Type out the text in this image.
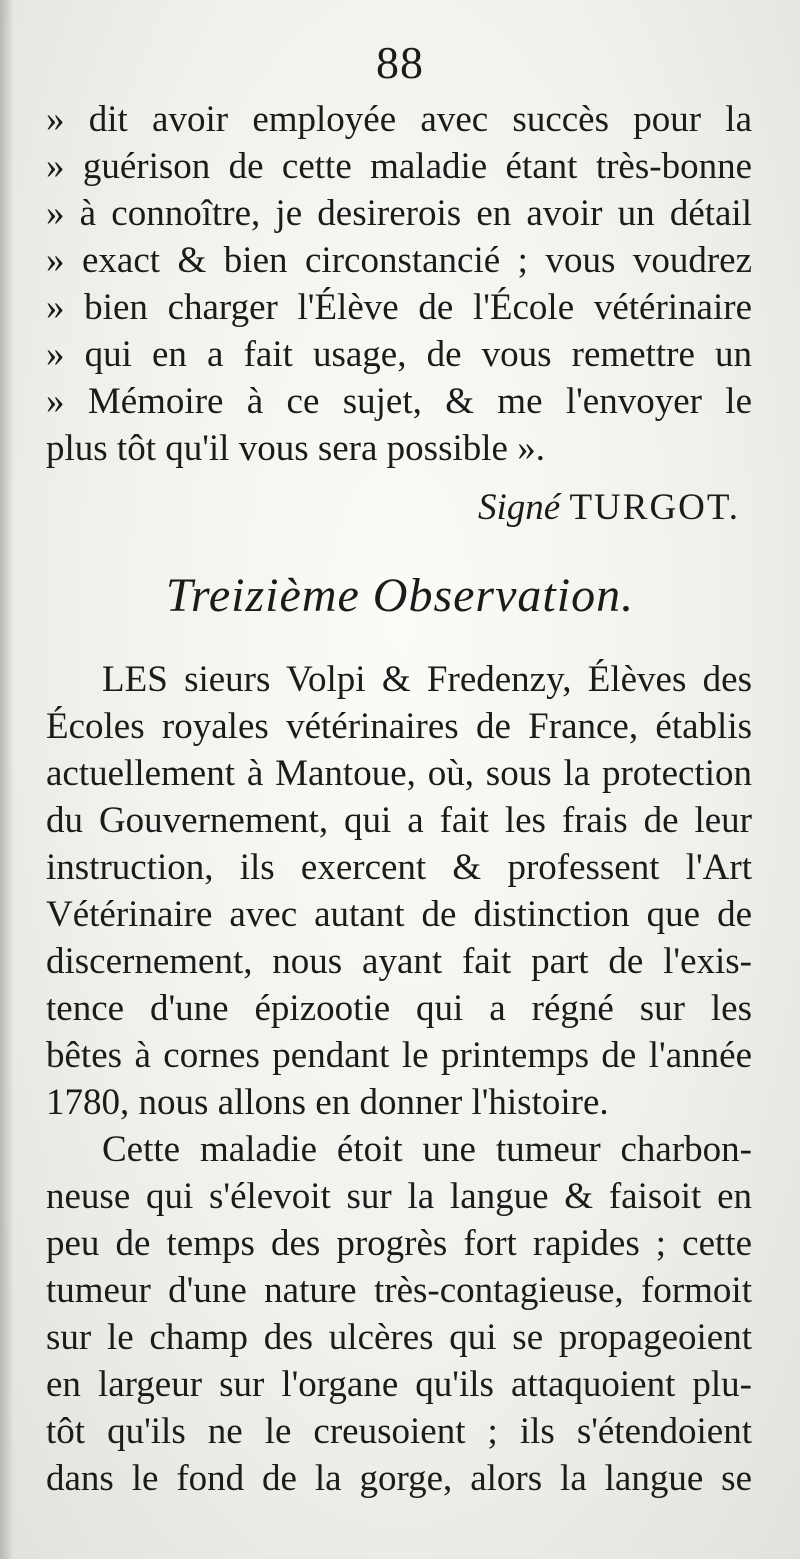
88
» dit avoir employée avec succès pour la
» guérison de cette maladie étant très-bonne
» à connoître, je desirerois en avoir un détail
» exact & bien circonstancié ; vous voudrez
» bien charger l'Élève de l'École vétérinaire
» qui en a fait usage, de vous remettre un
» Mémoire à ce sujet, & me l'envoyer le
plus tôt qu'il vous sera possible ».
Signé TURGOT.
Treizième Observation.
LES sieurs Volpi & Fredenzy, Élèves des
Écoles royales vétérinaires de France, établis
actuellement à Mantoue, où, sous la protection
du Gouvernement, qui a fait les frais de leur
instruction, ils exercent & professent l'Art
Vétérinaire avec autant de distinction que de
discernement, nous ayant fait part de l'exis-
tence d'une épizootie qui a régné sur les
bêtes à cornes pendant le printemps de l'année
1780, nous allons en donner l'histoire.
Cette maladie étoit une tumeur charbon-
neuse qui s'élevoit sur la langue & faisoit en
peu de temps des progrès fort rapides ; cette
tumeur d'une nature très-contagieuse, formoit
sur le champ des ulcères qui se propageoient
en largeur sur l'organe qu'ils attaquoient plu-
tôt qu'ils ne le creusoient ; ils s'étendoient
dans le fond de la gorge, alors la langue se
